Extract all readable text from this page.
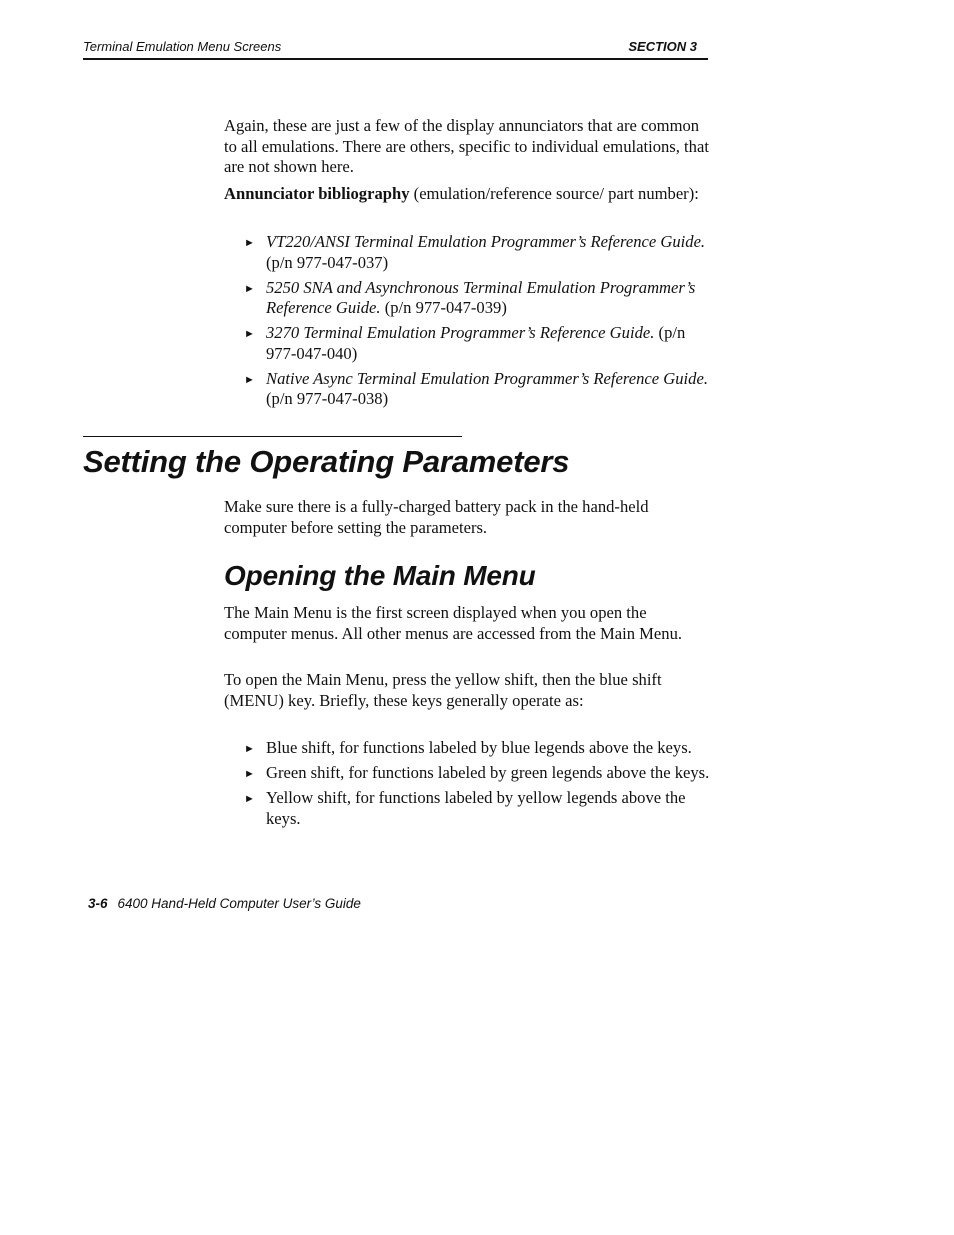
Terminal Emulation Menu Screens	SECTION 3

Again, these are just a few of the display annunciators that are common to all emulations. There are others, specific to individual emulations, that are not shown here.

Annunciator bibliography (emulation/reference source/ part number):

► VT220/ANSI Terminal Emulation Programmer’s Reference Guide. (p/n 977-047-037)
► 5250 SNA and Asynchronous Terminal Emulation Programmer’s Reference Guide. (p/n 977-047-039)
► 3270 Terminal Emulation Programmer’s Reference Guide. (p/n 977-047-040)
► Native Async Terminal Emulation Programmer’s Reference Guide. (p/n 977-047-038)
Setting the Operating Parameters

Make sure there is a fully-charged battery pack in the hand-held computer before setting the parameters.

Opening the Main Menu

The Main Menu is the first screen displayed when you open the computer menus. All other menus are accessed from the Main Menu.

To open the Main Menu, press the yellow shift, then the blue shift (MENU) key. Briefly, these keys generally operate as:

► Blue shift, for functions labeled by blue legends above the keys.
► Green shift, for functions labeled by green legends above the keys.
► Yellow shift, for functions labeled by yellow legends above the keys.
3-6 6400 Hand-Held Computer User’s Guide
